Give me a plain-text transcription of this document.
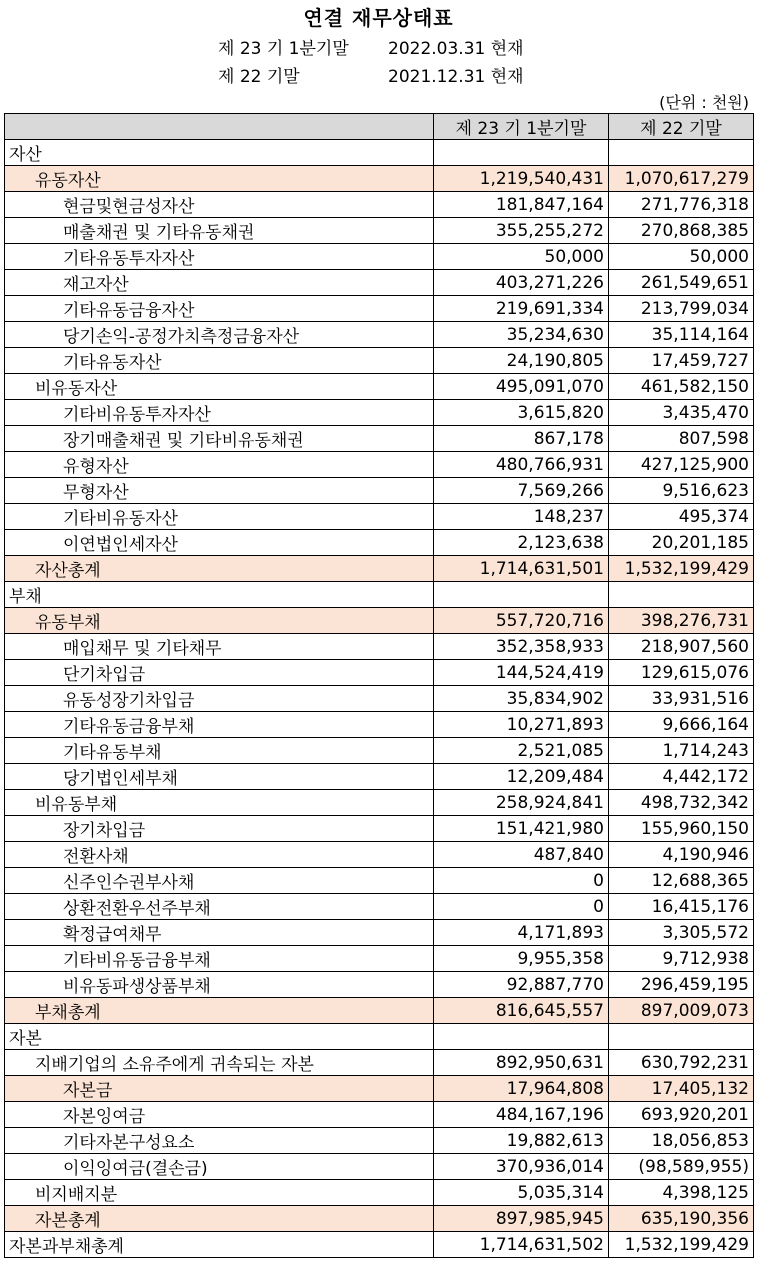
연결 재무상태표
제 23 기 1분기말 2022.03.31 현재
제 22 기말	2021.12.31 현재
(단위 : 천원)
	제 23 기 1분기말	제 22 기말
자산		
유동자산	1,219,540,431	1,070,617,279
현금및현금성자산	181,847,164	271,776,318
매출채권 및 기타유동채권	355,255,272	270,868,385
기타유동투자자산	50,000	50,000
재고자산	403,271,226	261,549,651
기타유동금융자산	219,691,334	213,799,034
당기손익-공정가치측정금융자산	35,234,630	35,114,164
기타유동자산	24,190,805	17,459,727
비유동자산	495,091,070	461,582,150
기타비유동투자자산	3,615,820	3,435,470
장기매출채권 및 기타비유동채권	867,178	807,598
유형자산	480,766,931	427,125,900
무형자산	7,569,266	9,516,623
기타비유동자산	148,237	495,374
이연법인세자산	2,123,638	20,201,185
자산총계	1,714,631,501	1,532,199,429
부채		
유동부채	557,720,716	398,276,731
매입채무 및 기타채무	352,358,933	218,907,560
단기차입금	144,524,419	129,615,076
유동성장기차입금	35,834,902	33,931,516
기타유동금융부채	10,271,893	9,666,164
기타유동부채	2,521,085	1,714,243
당기법인세부채	12,209,484	4,442,172
비유동부채	258,924,841	498,732,342
장기차입금	151,421,980	155,960,150
전환사채	487,840	4,190,946
신주인수권부사채	0	12,688,365
상환전환우선주부채	0	16,415,176
확정급여채무	4,171,893	3,305,572
기타비유동금융부채	9,955,358	9,712,938
비유동파생상품부채	92,887,770	296,459,195
부채총계	816,645,557	897,009,073
자본		
지배기업의 소유주에게 귀속되는 자본	892,950,631	630,792,231
자본금	17,964,808	17,405,132
자본잉여금	484,167,196	693,920,201
기타자본구성요소	19,882,613	18,056,853
이익잉여금(결손금)	370,936,014	(98,589,955)
비지배지분	5,035,314	4,398,125
자본총계	897,985,945	635,190,356
자본과부채총계	1,714,631,502	1,532,199,429
